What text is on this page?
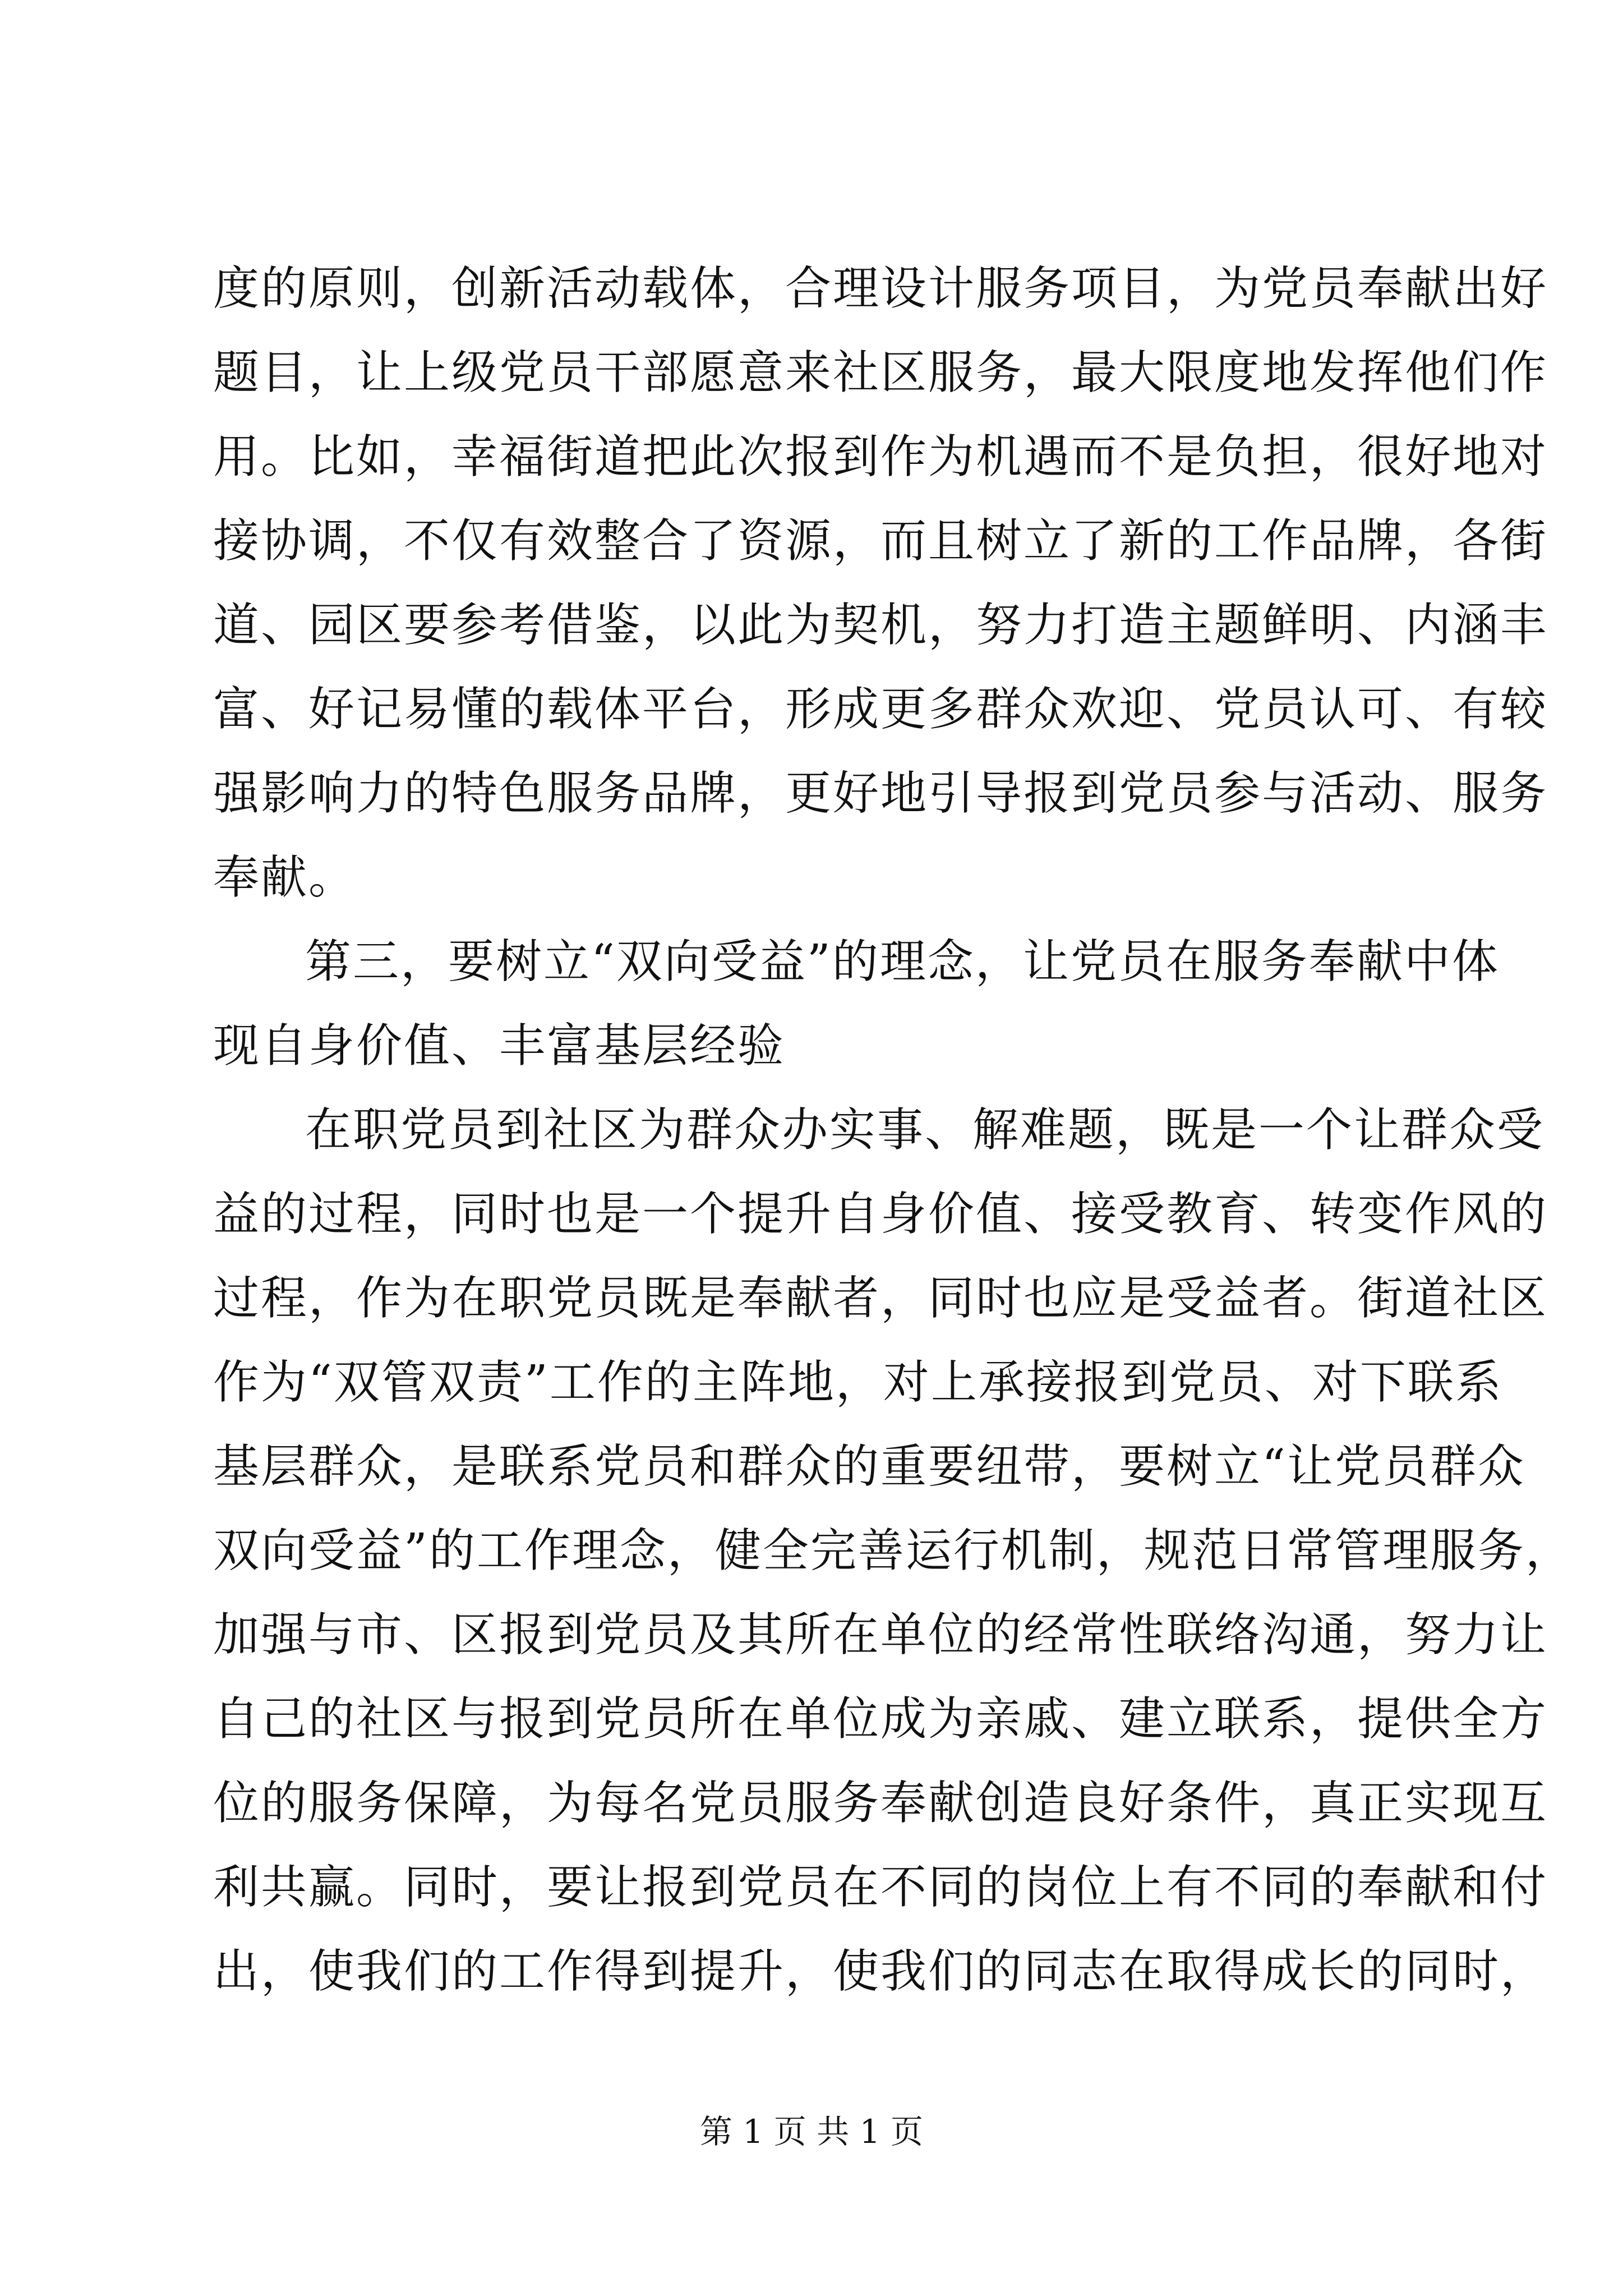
度的原则，创新活动载体，合理设计服务项目，为党员奉献出好
题目，让上级党员干部愿意来社区服务，最大限度地发挥他们作
用。比如，幸福街道把此次报到作为机遇而不是负担，很好地对
接协调，不仅有效整合了资源，而且树立了新的工作品牌，各街
道、园区要参考借鉴，以此为契机，努力打造主题鲜明、内涵丰
富、好记易懂的载体平台，形成更多群众欢迎、党员认可、有较
强影响力的特色服务品牌，更好地引导报到党员参与活动、服务
奉献。
第三，要树立“双向受益”的理念，让党员在服务奉献中体
现自身价值、丰富基层经验
在职党员到社区为群众办实事、解难题，既是一个让群众受
益的过程，同时也是一个提升自身价值、接受教育、转变作风的
过程，作为在职党员既是奉献者，同时也应是受益者。街道社区
作为“双管双责”工作的主阵地，对上承接报到党员、对下联系
基层群众，是联系党员和群众的重要纽带，要树立“让党员群众
双向受益”的工作理念，健全完善运行机制，规范日常管理服务，
加强与市、区报到党员及其所在单位的经常性联络沟通，努力让
自己的社区与报到党员所在单位成为亲戚、建立联系，提供全方
位的服务保障，为每名党员服务奉献创造良好条件，真正实现互
利共赢。同时，要让报到党员在不同的岗位上有不同的奉献和付
出，使我们的工作得到提升，使我们的同志在取得成长的同时，
第 1 页 共 1 页
